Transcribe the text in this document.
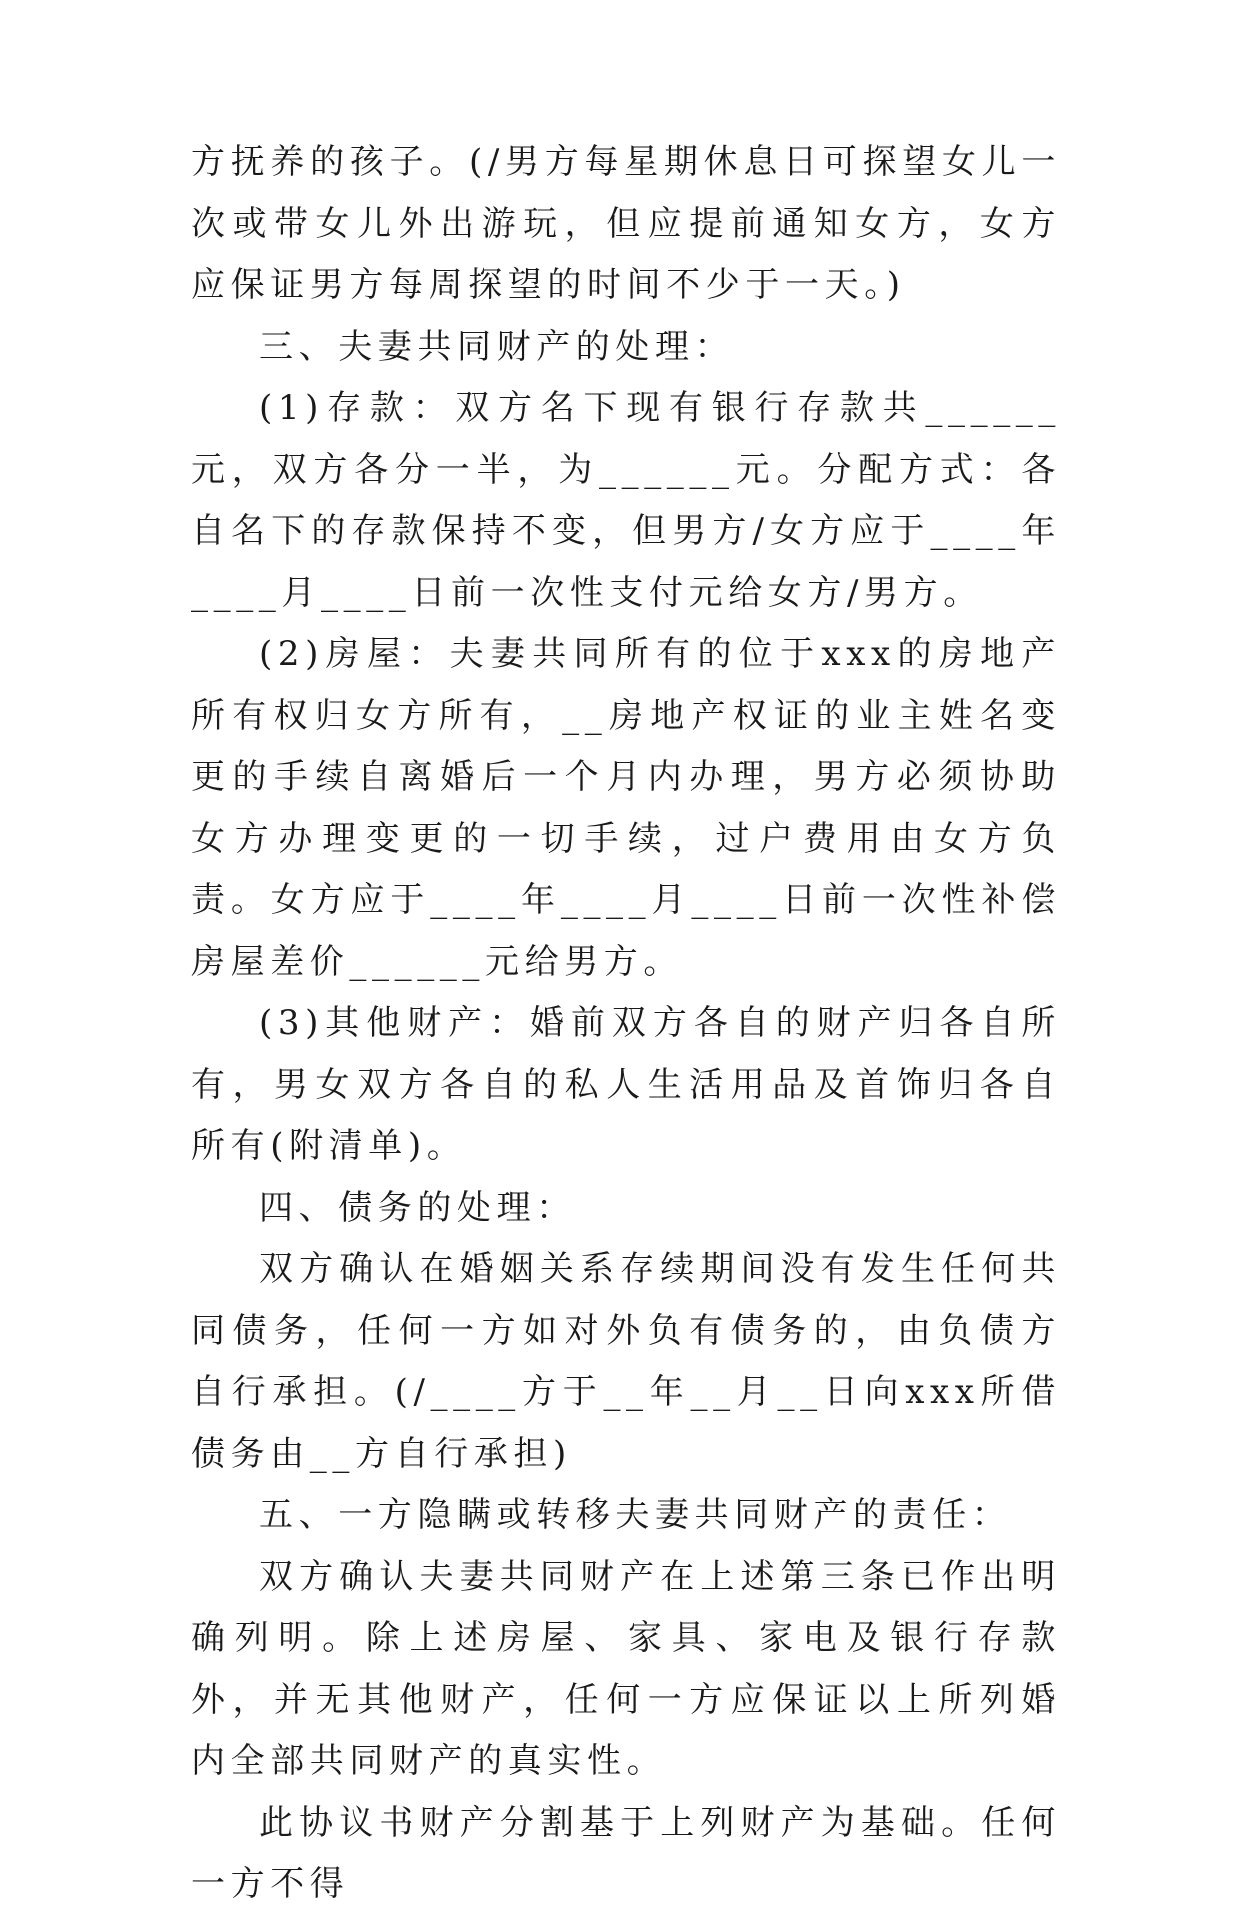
方抚养的孩子。(/男方每星期休息日可探望女儿一次或带女儿外出游玩，但应提前通知女方，女方应保证男方每周探望的时间不少于一天。)

三、夫妻共同财产的处理：

(1)存款：双方名下现有银行存款共______元，双方各分一半，为______元。分配方式：各自名下的存款保持不变，但男方/女方应于____年____月____日前一次性支付元给女方/男方。

(2)房屋：夫妻共同所有的位于xxx的房地产所有权归女方所有，__房地产权证的业主姓名变更的手续自离婚后一个月内办理，男方必须协助女方办理变更的一切手续，过户费用由女方负责。女方应于____年____月____日前一次性补偿房屋差价______元给男方。

(3)其他财产：婚前双方各自的财产归各自所有，男女双方各自的私人生活用品及首饰归各自所有(附清单)。

四、债务的处理：

双方确认在婚姻关系存续期间没有发生任何共同债务，任何一方如对外负有债务的，由负债方自行承担。(/____方于__年__月__日向xxx所借债务由__方自行承担)

五、一方隐瞒或转移夫妻共同财产的责任：

双方确认夫妻共同财产在上述第三条已作出明确列明。除上述房屋、家具、家电及银行存款外，并无其他财产，任何一方应保证以上所列婚内全部共同财产的真实性。

此协议书财产分割基于上列财产为基础。任何一方不得
